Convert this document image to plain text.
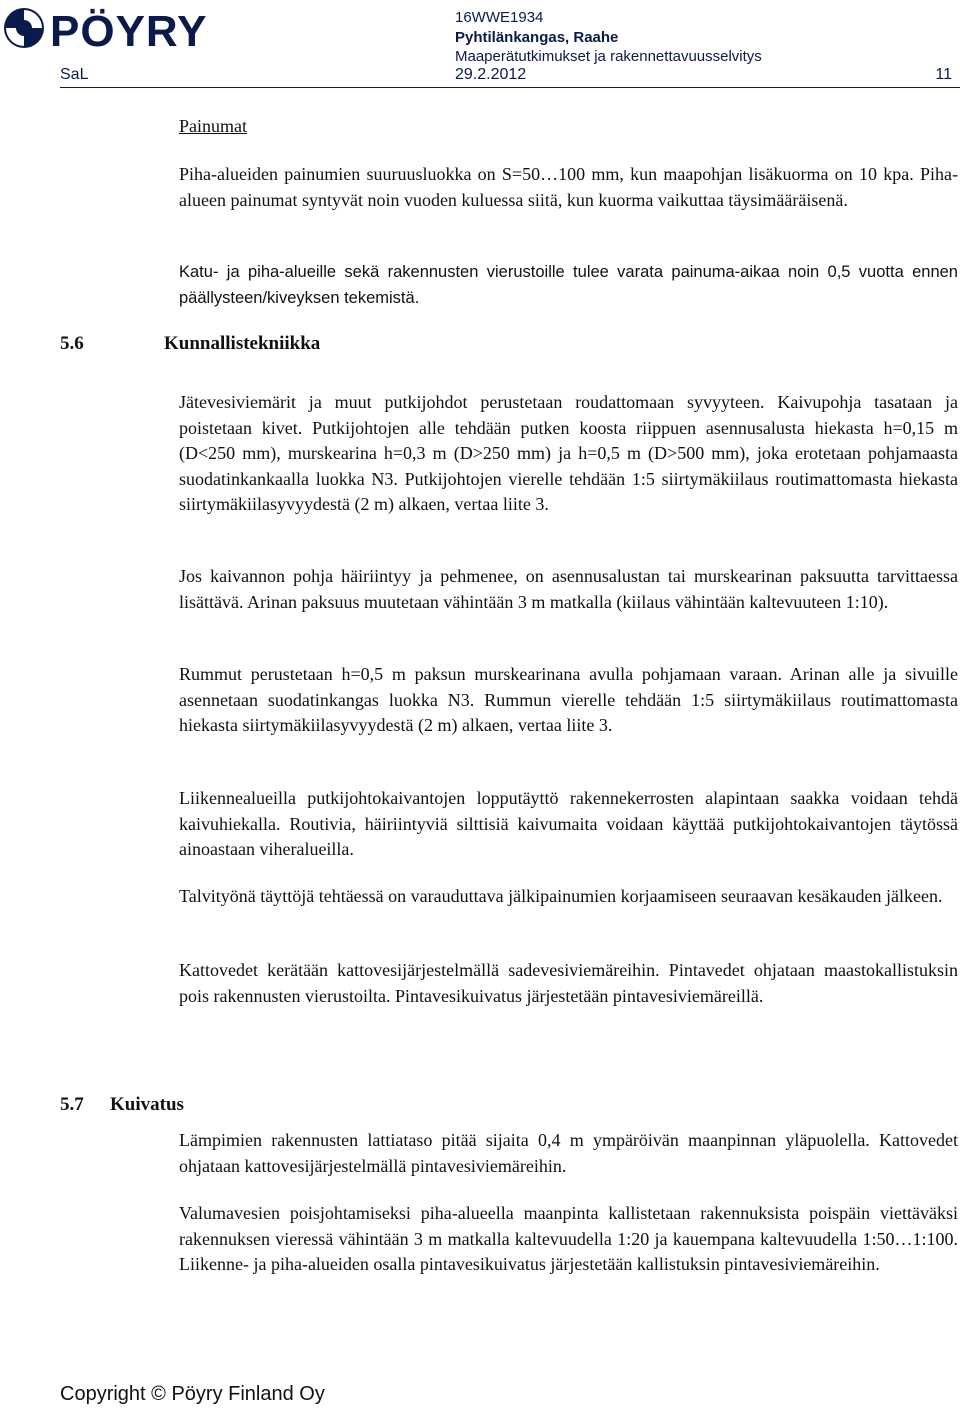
PÖYRY
SaL
16WWE1934
Pyhtilänkangas, Raahe
Maaperätutkimukset ja rakennettavuusselvitys
29.2.2012	11
Painumat

Piha-alueiden painumien suuruusluokka on S=50…100 mm, kun maapohjan lisäkuorma on 10 kpa. Piha-alueen painumat syntyvät noin vuoden kuluessa siitä, kun kuorma vaikuttaa täysimääräisenä.

Katu- ja piha-alueille sekä rakennusten vierustoille tulee varata painuma-aikaa noin 0,5 vuotta ennen päällysteen/kiveyksen tekemistä.

5.6	Kunnallistekniikka

Jätevesiviemärit ja muut putkijohdot perustetaan roudattomaan syvyyteen. Kaivupohja tasataan ja poistetaan kivet. Putkijohtojen alle tehdään putken koosta riippuen asennusalusta hiekasta h=0,15 m (D<250 mm), murskearina h=0,3 m (D>250 mm) ja h=0,5 m (D>500 mm), joka erotetaan pohjamaasta suodatinkankaalla luokka N3. Putkijohtojen vierelle tehdään 1:5 siirtymäkiilaus routimattomasta hiekasta siirtymäkiilasyvyydestä (2 m) alkaen, vertaa liite 3.

Jos kaivannon pohja häiriintyy ja pehmenee, on asennusalustan tai murskearinan paksuutta tarvittaessa lisättävä. Arinan paksuus muutetaan vähintään 3 m matkalla (kiilaus vähintään kaltevuuteen 1:10).

Rummut perustetaan h=0,5 m paksun murskearinana avulla pohjamaan varaan. Arinan alle ja sivuille asennetaan suodatinkangas luokka N3. Rummun vierelle tehdään 1:5 siirtymäkiilaus routimattomasta hiekasta siirtymäkiilasyvyydestä (2 m) alkaen, vertaa liite 3.

Liikennealueilla putkijohtokaivantojen lopputäyttö rakennekerrosten alapintaan saakka voidaan tehdä kaivuhiekalla. Routivia, häiriintyviä silttisiä kaivumaita voidaan käyttää putkijohtokaivantojen täytössä ainoastaan viheralueilla.

Talvityönä täyttöjä tehtäessä on varauduttava jälkipainumien korjaamiseen seuraavan kesäkauden jälkeen.

Kattovedet kerätään kattovesijärjestelmällä sadevesiviemäreihin. Pintavedet ohjataan maastokallistuksin pois rakennusten vierustoilta. Pintavesikuivatus järjestetään pintavesiviemäreillä.

5.7 Kuivatus

Lämpimien rakennusten lattiataso pitää sijaita 0,4 m ympäröivän maanpinnan yläpuolella. Kattovedet ohjataan kattovesijärjestelmällä pintavesiviemäreihin.

Valumavesien poisjohtamiseksi piha-alueella maanpinta kallistetaan rakennuksista poispäin viettäväksi rakennuksen vieressä vähintään 3 m matkalla kaltevuudella 1:20 ja kauempana kaltevuudella 1:50…1:100. Liikenne- ja piha-alueiden osalla pintavesikuivatus järjestetään kallistuksin pintavesiviemäreihin.

Copyright © Pöyry Finland Oy
